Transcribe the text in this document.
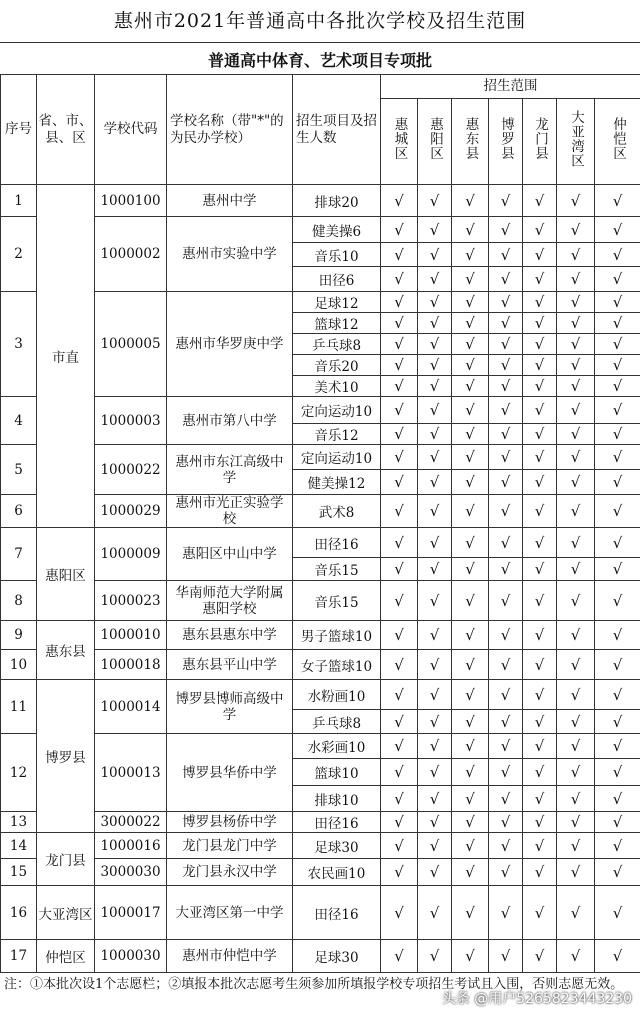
惠州市2021年普通高中各批次学校及招生范围
普通高中体育、艺术项目专项批
序号	省、市、县、区	学校代码	学校名称（带"*"的为民办学校）	招生项目及招生人数	招生范围						
					惠城区	惠阳区	惠东县	博罗县	龙门县	大亚湾区	仲恺区
1	市直	1000100	惠州中学	排球20	√	√	√	√	√	√	√
2		1000002	惠州市实验中学	健美操6	√	√	√	√	√	√	√
				音乐10	√	√	√	√	√	√	√
				田径6	√	√	√	√	√	√	√
3		1000005	惠州市华罗庚中学	足球12	√	√	√	√	√	√	√
				篮球12	√	√	√	√	√	√	√
				乒乓球8	√	√	√	√	√	√	√
				音乐20	√	√	√	√	√	√	√
				美术10	√	√	√	√	√	√	√
4		1000003	惠州市第八中学	定向运动10	√	√	√	√	√	√	√
				音乐12	√	√	√	√	√	√	√
5		1000022	惠州市东江高级中学	定向运动10	√	√	√	√	√	√	√
				健美操12	√	√	√	√	√	√	√
6		1000029	惠州市光正实验学校	武术8	√	√	√	√	√	√	√
7	惠阳区	1000009	惠阳区中山中学	田径16	√	√	√	√	√	√	√
				音乐15	√	√	√	√	√	√	√
8		1000023	华南师范大学附属惠阳学校	音乐15	√	√	√	√	√	√	√
9	惠东县	1000010	惠东县惠东中学	男子篮球10	√	√	√	√	√	√	√
10		1000018	惠东县平山中学	女子篮球10	√	√	√	√	√	√	√
11	博罗县	1000014	博罗县博师高级中学	水粉画10	√	√	√	√	√	√	√
				乒乓球8	√	√	√	√	√	√	√
12		1000013	博罗县华侨中学	水彩画10	√	√	√	√	√	√	√
				篮球10	√	√	√	√	√	√	√
				排球10	√	√	√	√	√	√	√
13		3000022	博罗县杨侨中学	田径16	√	√	√	√	√	√	√
14	龙门县	1000016	龙门县龙门中学	足球30	√	√	√	√	√	√	√
15		3000030	龙门县永汉中学	农民画10	√	√	√	√	√	√	√
16	大亚湾区	1000017	大亚湾区第一中学	田径16	√	√	√	√	√	√	√
17	仲恺区	1000030	惠州市仲恺中学	足球30	√	√	√	√	√	√	√
注：①本批次设1个志愿栏；②填报本批次志愿考生须参加所填报学校专项招生考试且入围，否则志愿无效。
头条 @用户5265823443230
